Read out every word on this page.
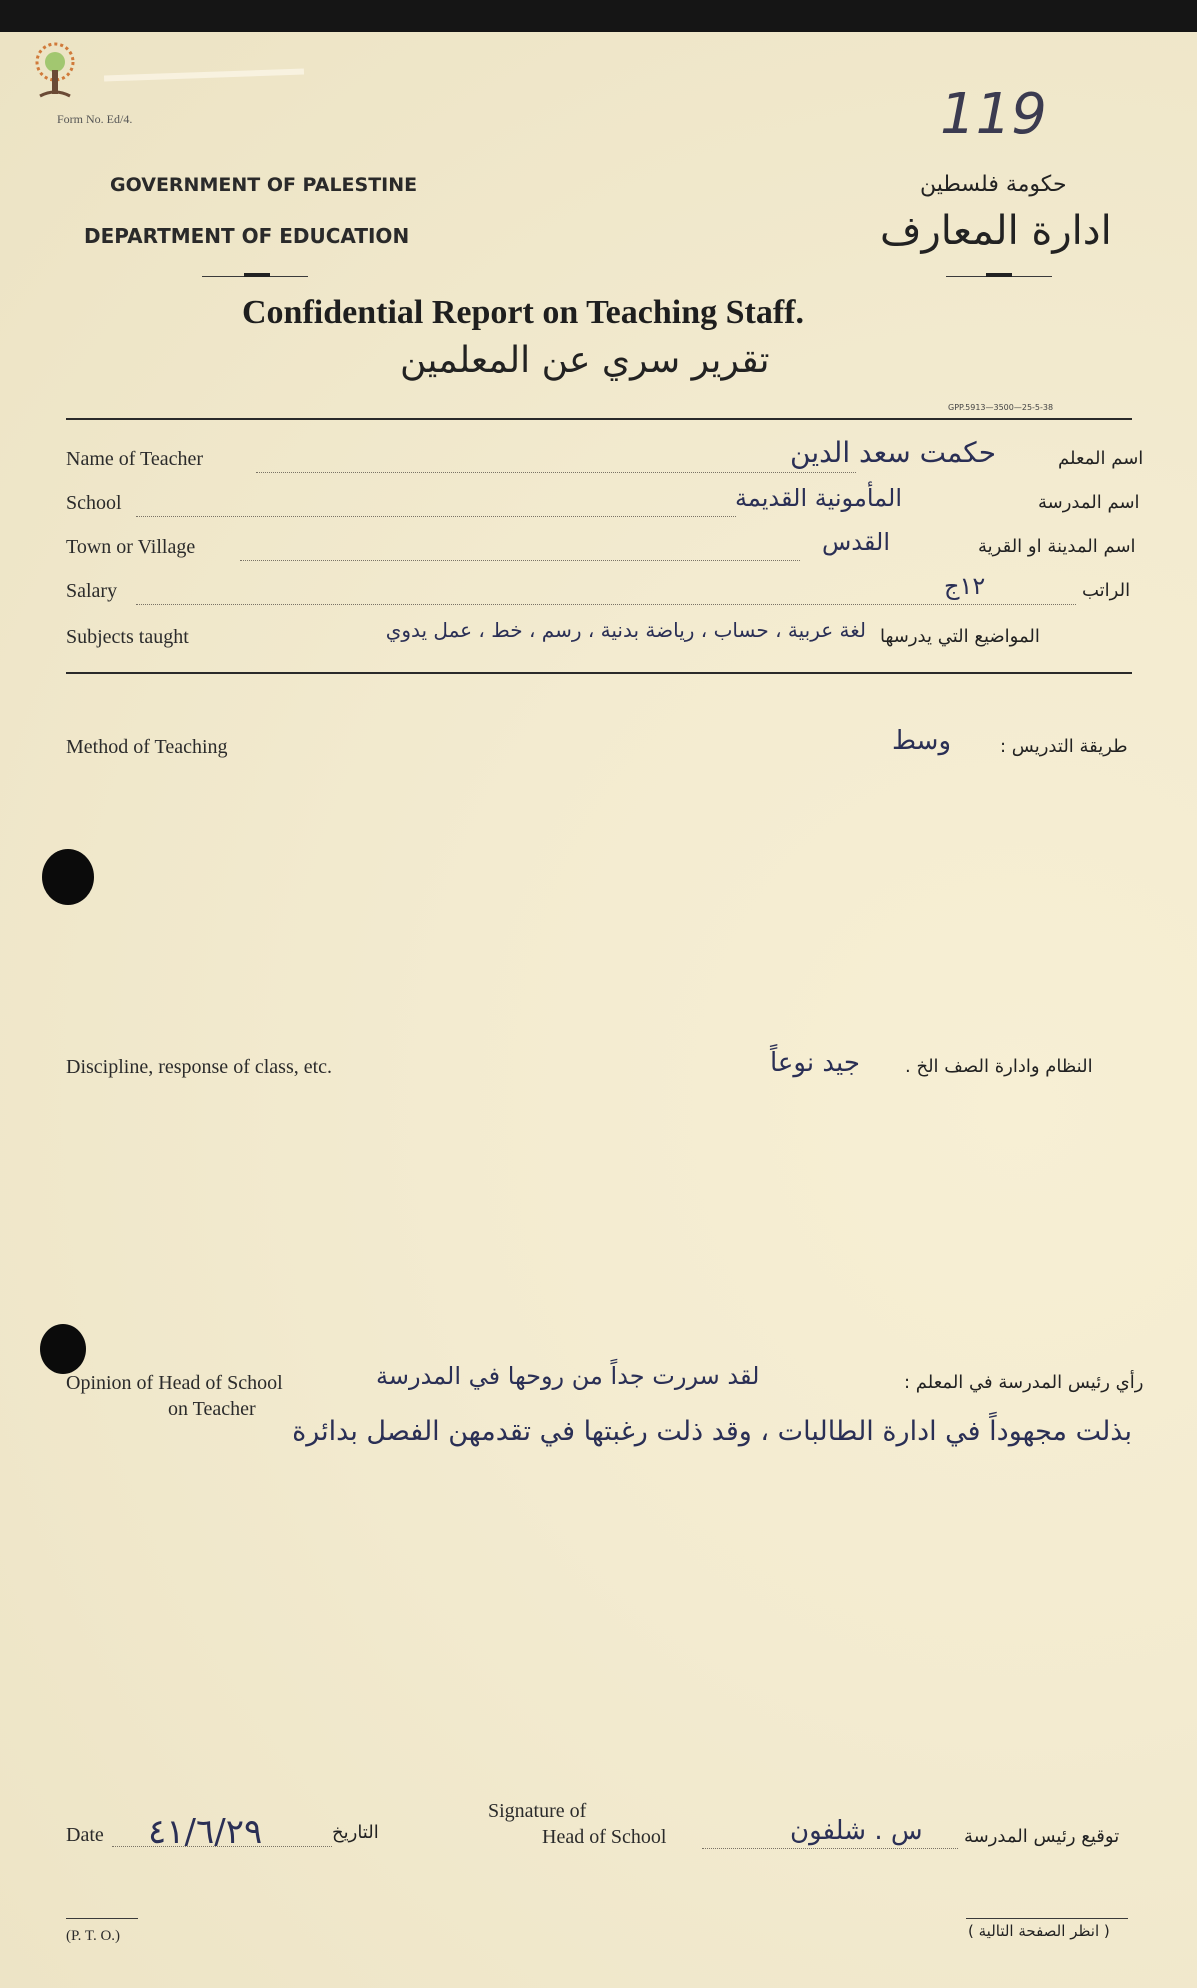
Form No. Ed/4.	119
GOVERNMENT OF PALESTINE
DEPARTMENT OF EDUCATION
حكومة فلسطين
ادارة المعارف
Confidential Report on Teaching Staff.
تقرير سري عن المعلمين
GPP.5913—3500—25-5-38
Name of Teacher	حكمت سعد الدين	اسم المعلم
School	المأمونية القديمة	اسم المدرسة
Town or Village	القدس	اسم المدينة او القرية
Salary	١٢ج	الراتب
Subjects taught	لغة عربية ، حساب ، رياضة بدنية ، رسم ، خط ، عمل يدوي المواضيع التي يدرسها
Method of Teaching	وسط	طريقة التدريس :
Discipline, response of class, etc.	جيد نوعاً	النظام وادارة الصف الخ .
Opinion of Head of School
on Teacher
لقد سررت جداً من روحها في المدرسة	رأي رئيس المدرسة في المعلم :
بذلت مجهوداً في ادارة الطالبات ، وقد ذلت رغبتها في تقدمهن الفصل بدائرة
Date ٤١/٦/٢٩	التاريخ
Signature of
Head of School	س . شلفون توقيع رئيس المدرسة
(P. T. O.)	( انظر الصفحة التالية )
